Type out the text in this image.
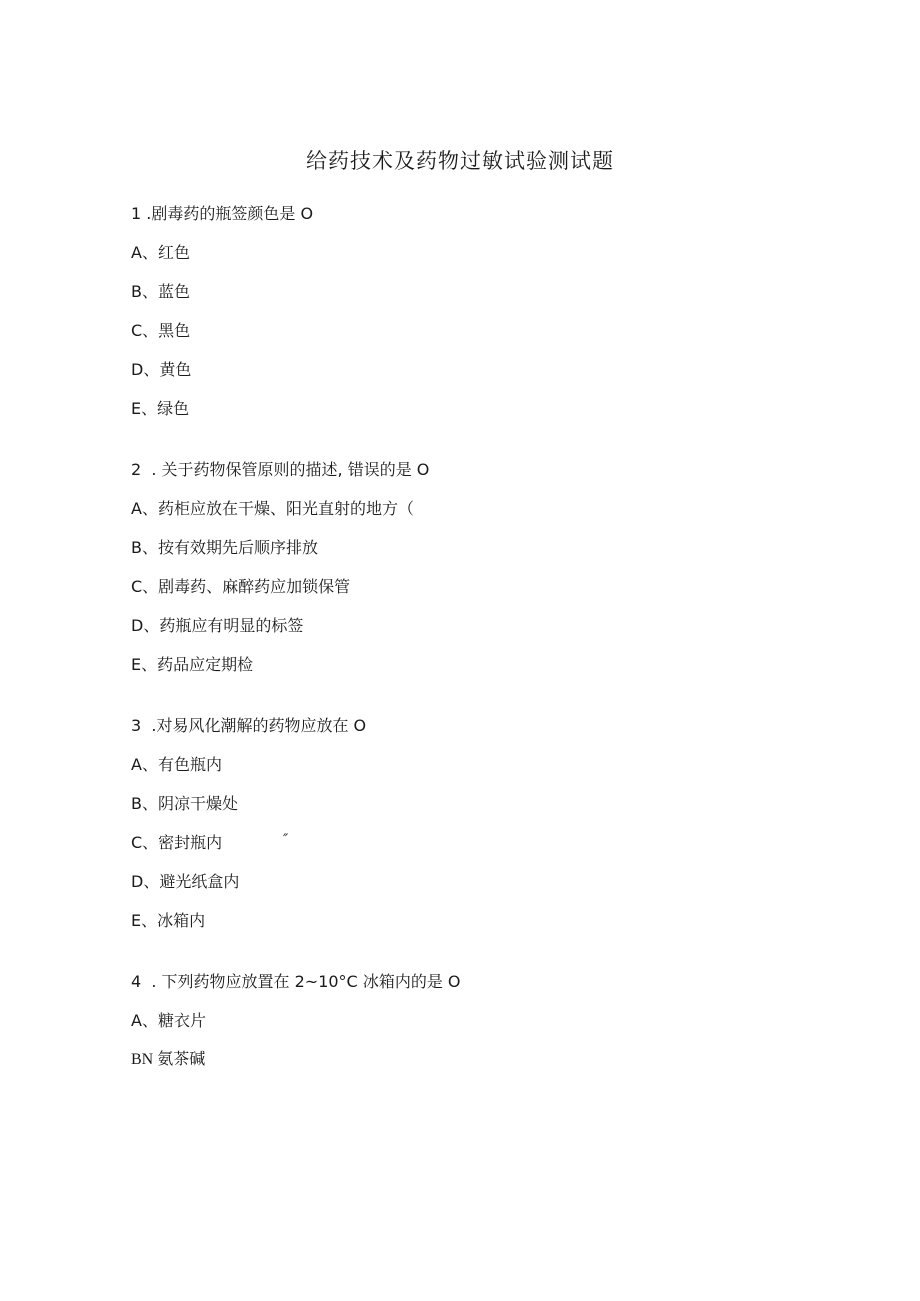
给药技术及药物过敏试验测试题
1 .剧毒药的瓶签颜色是 O
A、红色
B、蓝色
C、黑色
D、黄色
E、绿色
2  . 关于药物保管原则的描述, 错误的是 O
A、药柜应放在干燥、阳光直射的地方（
B、按有效期先后顺序排放
C、剧毒药、麻醉药应加锁保管
D、药瓶应有明显的标签
E、药品应定期检
3  .对易风化潮解的药物应放在 O
A、有色瓶内
B、阴凉干燥处
C、密封瓶内	″
D、避光纸盒内
E、冰箱内
4  . 下列药物应放置在 2~10°C 冰箱内的是 O
A、糖衣片
BN 氨茶碱
